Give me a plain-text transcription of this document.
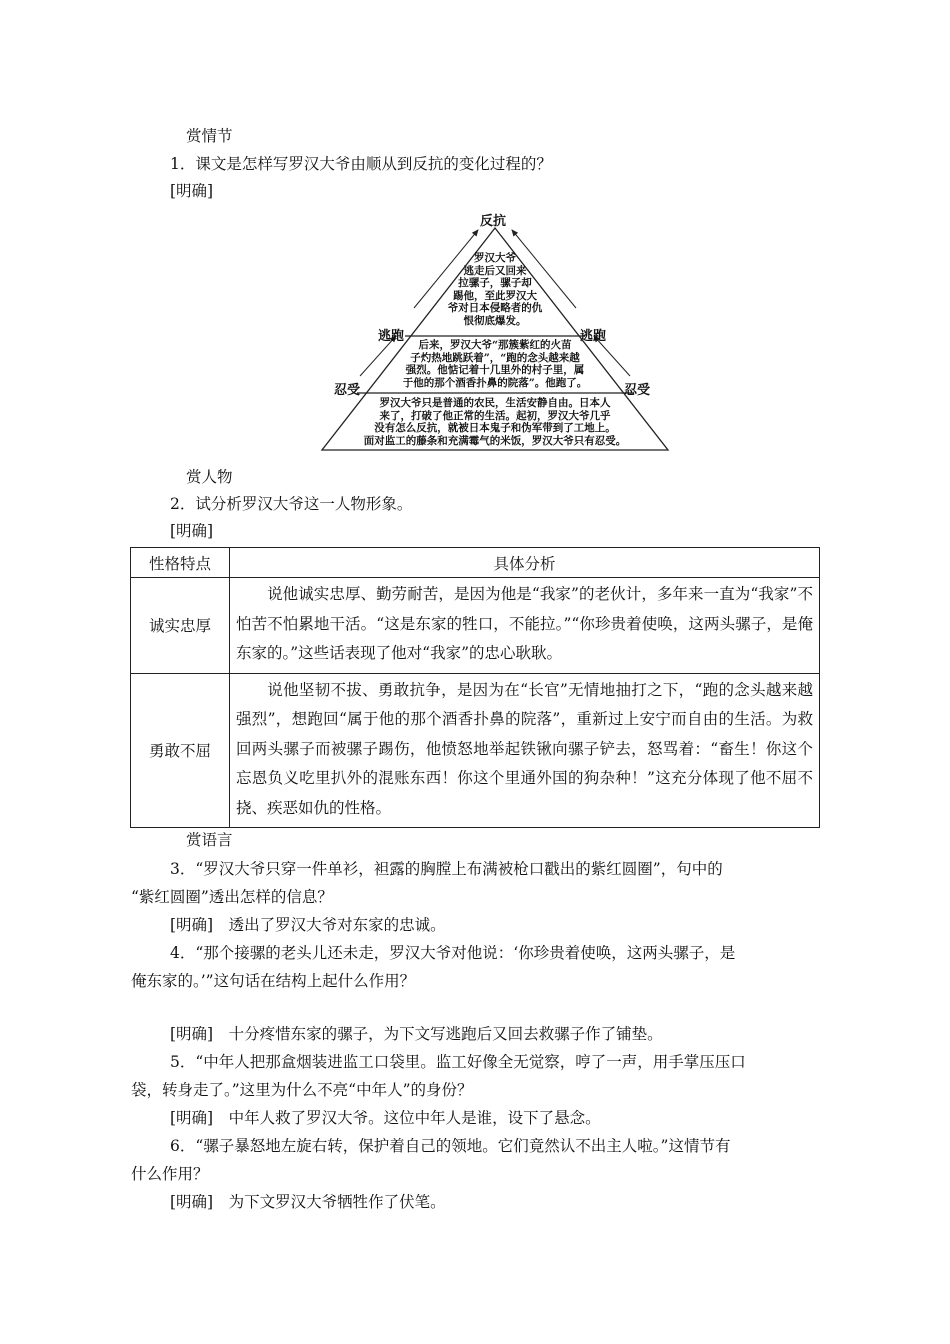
赏情节
1．课文是怎样写罗汉大爷由顺从到反抗的变化过程的？
[明确]
反抗
逃跑	逃跑
忍受	忍受
罗汉大爷
逃走后又回来
拉骡子，骡子却
踢他，至此罗汉大
爷对日本侵略者的仇
恨彻底爆发。
后来，罗汉大爷“那簇紫红的火苗
子灼热地跳跃着”，“跑的念头越来越
强烈。他惦记着十几里外的村子里，属
于他的那个酒香扑鼻的院落”。他跑了。
罗汉大爷只是普通的农民，生活安静自由。日本人
来了，打破了他正常的生活。起初，罗汉大爷几乎
没有怎么反抗，就被日本鬼子和伪军带到了工地上。
面对监工的藤条和充满霉气的米饭，罗汉大爷只有忍受。
赏人物
2．试分析罗汉大爷这一人物形象。
[明确]
性格特点	具体分析
诚实忠厚	说他诚实忠厚、勤劳耐苦，是因为他是“我家”的老伙计，多年来一直为“我家”不怕苦不怕累地干活。“这是东家的牲口，不能拉。”“你珍贵着使唤，这两头骡子，是俺东家的。”这些话表现了他对“我家”的忠心耿耿。
勇敢不屈	说他坚韧不拔、勇敢抗争，是因为在“长官”无情地抽打之下，“跑的念头越来越强烈”，想跑回“属于他的那个酒香扑鼻的院落”，重新过上安宁而自由的生活。为救回两头骡子而被骡子踢伤，他愤怒地举起铁锹向骡子铲去，怒骂着：“畜生！你这个忘恩负义吃里扒外的混账东西！你这个里通外国的狗杂种！”这充分体现了他不屈不挠、疾恶如仇的性格。
赏语言
3．“罗汉大爷只穿一件单衫，袒露的胸膛上布满被枪口戳出的紫红圆圈”，句中的
“紫红圆圈”透出怎样的信息？
[明确]　透出了罗汉大爷对东家的忠诚。
4．“那个接骡的老头儿还未走，罗汉大爷对他说：‘你珍贵着使唤，这两头骡子，是
俺东家的。’”这句话在结构上起什么作用？
[明确]　十分疼惜东家的骡子，为下文写逃跑后又回去救骡子作了铺垫。
5．“中年人把那盒烟装进监工口袋里。监工好像全无觉察，哼了一声，用手掌压压口
袋，转身走了。”这里为什么不亮“中年人”的身份？
[明确]　中年人救了罗汉大爷。这位中年人是谁，设下了悬念。
6．“骡子暴怒地左旋右转，保护着自己的领地。它们竟然认不出主人啦。”这情节有
什么作用？
[明确]　为下文罗汉大爷牺牲作了伏笔。
